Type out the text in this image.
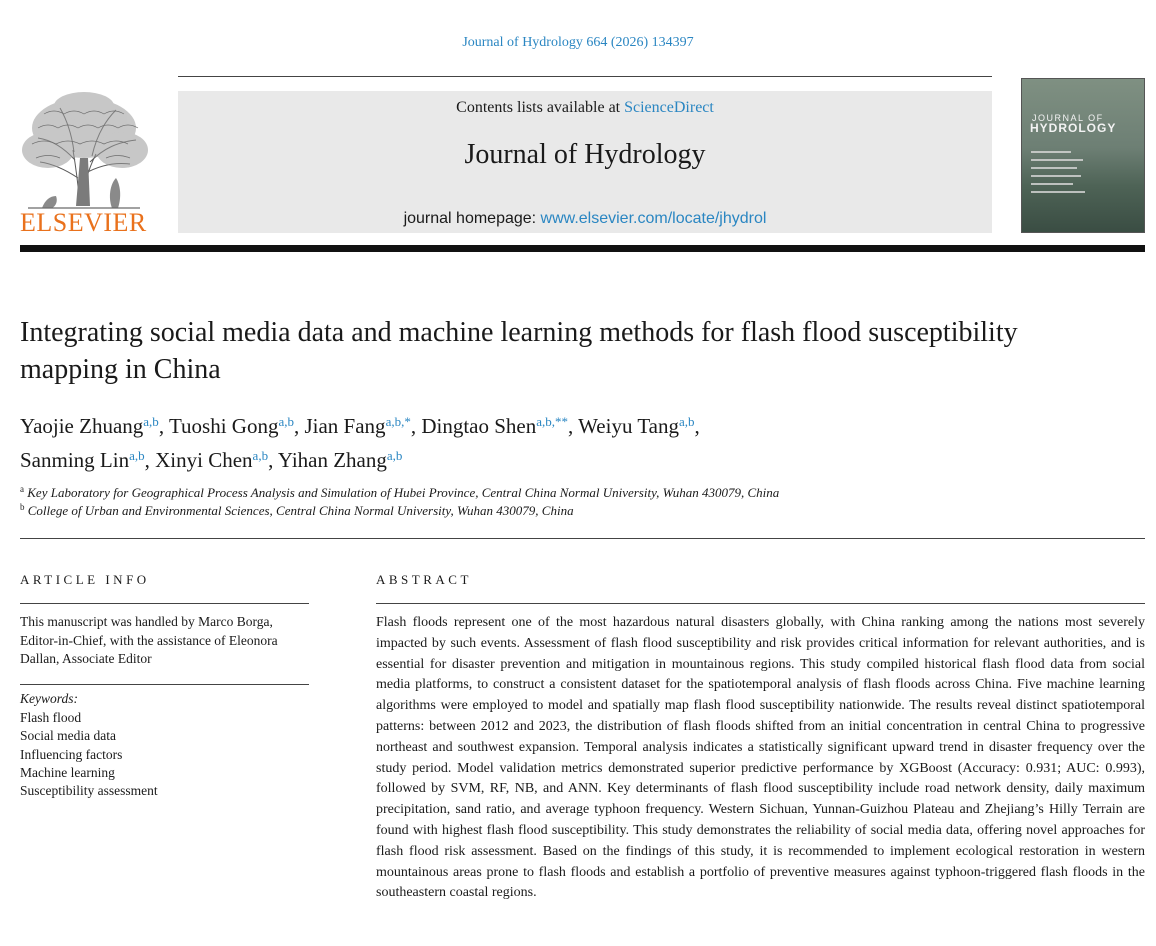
Journal of Hydrology 664 (2026) 134397
ELSEVIER
Contents lists available at ScienceDirect
Journal of Hydrology
journal homepage: www.elsevier.com/locate/jhydrol
JOURNAL OF
HYDROLOGY
Integrating social media data and machine learning methods for flash flood susceptibility mapping in China
Yaojie Zhuang$^{a,b}$, Tuoshi Gong$^{a,b}$, Jian Fang$^{a,b,*}$, Dingtao Shen$^{a,b,**}$, Weiyu Tang$^{a,b}$,
Sanming Lin$^{a,b}$, Xinyi Chen$^{a,b}$, Yihan Zhang$^{a,b}$
$^a$ Key Laboratory for Geographical Process Analysis and Simulation of Hubei Province, Central China Normal University, Wuhan 430079, China
$^b$ College of Urban and Environmental Sciences, Central China Normal University, Wuhan 430079, China
ARTICLE INFO
This manuscript was handled by Marco Borga, Editor-in-Chief, with the assistance of Eleonora Dallan, Associate Editor
Keywords:
Flash flood
Social media data
Influencing factors
Machine learning
Susceptibility assessment
ABSTRACT
Flash floods represent one of the most hazardous natural disasters globally, with China ranking among the nations most severely impacted by such events. Assessment of flash flood susceptibility and risk provides critical information for relevant authorities, and is essential for disaster prevention and mitigation in mountainous regions. This study compiled historical flash flood data from social media platforms, to construct a consistent dataset for the spatiotemporal analysis of flash floods across China. Five machine learning algorithms were employed to model and spatially map flash flood susceptibility nationwide. The results reveal distinct spatiotemporal patterns: between 2012 and 2023, the distribution of flash floods shifted from an initial concentration in central China to progressive northeast and southwest expansion. Temporal analysis indicates a statistically significant upward trend in disaster frequency over the study period. Model validation metrics demonstrated superior predictive performance by XGBoost (Accuracy: 0.931; AUC: 0.993), followed by SVM, RF, NB, and ANN. Key determinants of flash flood susceptibility include road network density, daily maximum precipitation, sand ratio, and average typhoon frequency. Western Sichuan, Yunnan-Guizhou Plateau and Zhejiang’s Hilly Terrain are found with highest flash flood susceptibility. This study demonstrates the reliability of social media data, offering novel approaches for flash flood risk assessment. Based on the findings of this study, it is recommended to implement ecological restoration in western mountainous areas prone to flash floods and establish a portfolio of preventive measures against typhoon-triggered flash floods in the southeastern coastal regions.
